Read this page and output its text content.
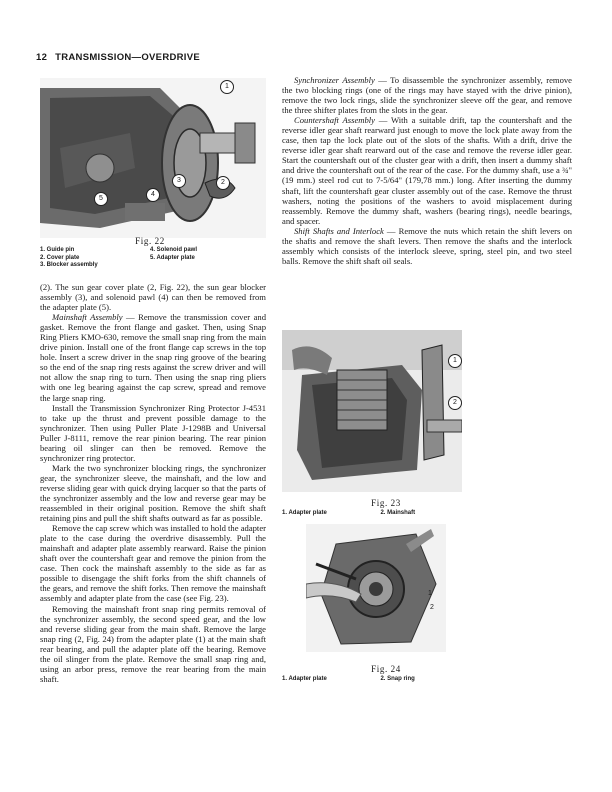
12 TRANSMISSION—OVERDRIVE
1
2
3
4
5
Fig. 22
1. Guide pin
2. Cover plate
3. Blocker assembly
4. Solenoid pawl
5. Adapter plate

(2). The sun gear cover plate (2, Fig. 22), the sun gear blocker assembly (3), and solenoid pawl (4) can then be removed from the adapter plate (5).

Mainshaft Assembly — Remove the transmission cover and gasket. Remove the front flange and gasket. Then, using Snap Ring Pliers KMO-630, remove the small snap ring from the main drive pinion. Install one of the front flange cap screws in the top hole. Insert a screw driver in the snap ring groove of the bearing so the end of the snap ring rests against the screw driver and will not allow the snap ring to turn. Then using the snap ring pliers with one leg bearing against the cap screw, spread and remove the large snap ring.

Install the Transmission Synchronizer Ring Protector J-4531 to take up the thrust and prevent possible damage to the synchronizer. Then using Puller Plate J-1298B and Universal Puller J-8111, remove the rear pinion bearing. The rear pinion bearing oil slinger can then be removed. Remove the synchronizer ring protector.

Mark the two synchronizer blocking rings, the synchronizer gear, the synchronizer sleeve, the mainshaft, and the low and reverse sliding gear with quick drying lacquer so that the parts of the synchronizer assembly and the low and reverse gear may be reassembled in their original position. Remove the shift shaft retaining pins and pull the shift shafts outward as far as possible.

Remove the cap screw which was installed to hold the adapter plate to the case during the overdrive disassembly. Pull the mainshaft and adapter plate assembly rearward. Raise the pinion shaft over the countershaft gear and remove the pinion from the case. Then cock the mainshaft assembly to the side as far as possible to disengage the shift forks from the shift channels of the gears, and remove the shift forks. Then remove the mainshaft assembly and adapter plate from the case (see Fig. 23).

Removing the mainshaft front snap ring permits removal of the synchronizer assembly, the second speed gear, and the low and reverse sliding gear from the main shaft. Remove the large snap ring (2, Fig. 24) from the adapter plate (1) at the main shaft rear bearing, and pull the adapter plate off the bearing. Remove the oil slinger from the plate. Remove the small snap ring and, using an arbor press, remove the rear bearing from the main shaft.

Synchronizer Assembly — To disassemble the synchronizer assembly, remove the two blocking rings (one of the rings may have stayed with the drive pinion), remove the two lock rings, slide the synchronizer sleeve off the gear, and remove the three shifter plates from the slots in the gear.

Countershaft Assembly — With a suitable drift, tap the countershaft and the reverse idler gear shaft rearward just enough to move the lock plate away from the case, then tap the lock plate out of the slots of the shafts. With a drift, drive the reverse idler gear shaft rearward out of the case and remove the reverse idler gear. Start the countershaft out of the cluster gear with a drift, then insert a dummy shaft and drive the countershaft out of the rear of the case. For the dummy shaft, use a ¾" (19 mm.) steel rod cut to 7-5/64" (179,78 mm.) long. After inserting the dummy shaft, lift the countershaft gear cluster assembly out of the case. Remove the thrust washers, noting the positions of the washers to avoid misplacement during reassembly. Remove the dummy shaft, washers (bearing rings), needle bearings, and spacer.

Shift Shafts and Interlock — Remove the nuts which retain the shift levers on the shafts and remove the shaft levers. Then remove the shafts and the interlock assembly which consists of the interlock sleeve, spring, steel pin, and two steel balls. Remove the shift shaft oil seals.

1
2
Fig. 23
1. Adapter plate	2. Mainshaft
1
2
Fig. 24
1. Adapter plate	2. Snap ring
